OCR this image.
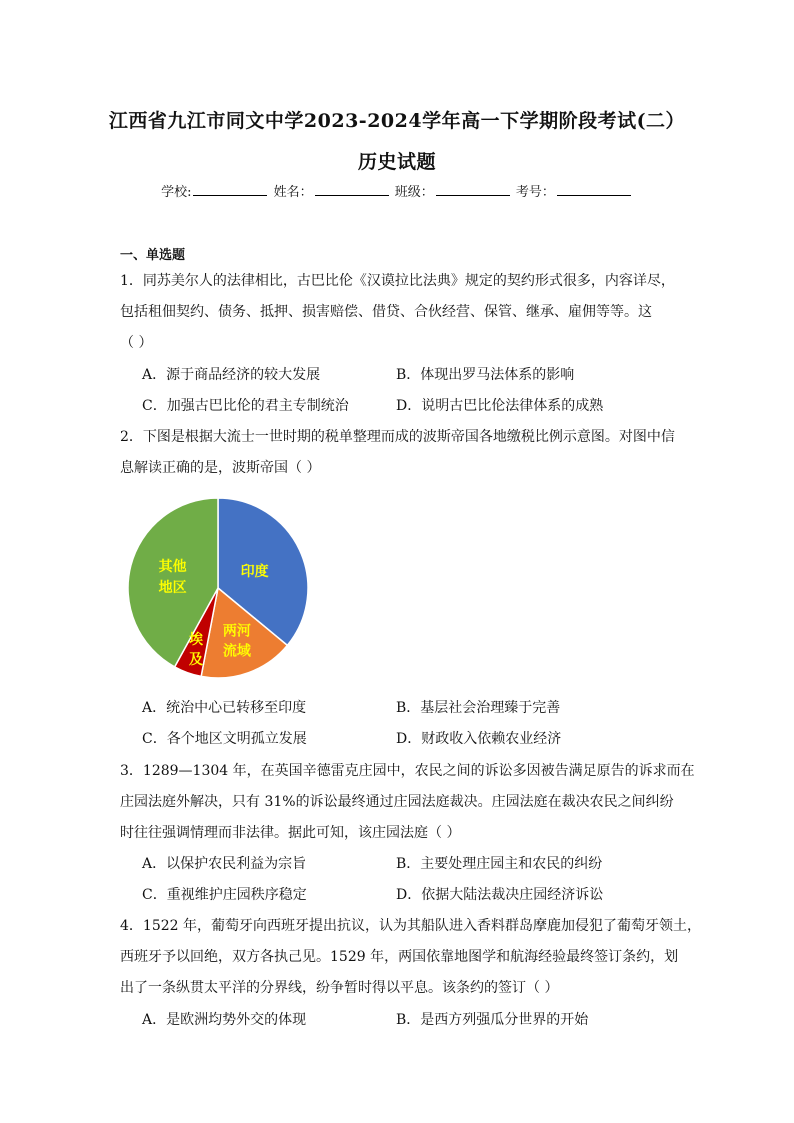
江西省九江市同文中学2023-2024学年高一下学期阶段考试(二）
历史试题
学校:	姓名：	班级：	考号：
一、单选题
1．同苏美尔人的法律相比，古巴比伦《汉谟拉比法典》规定的契约形式很多，内容详尽，
包括租佃契约、债务、抵押、损害赔偿、借贷、合伙经营、保管、继承、雇佣等等。这
（ ）
A．源于商品经济的较大发展	B．体现出罗马法体系的影响
C．加强古巴比伦的君主专制统治	D．说明古巴比伦法律体系的成熟
2．下图是根据大流士一世时期的税单整理而成的波斯帝国各地缴税比例示意图。对图中信
息解读正确的是，波斯帝国（ ）
印度
两河
流域
埃
及
其他
地区
A．统治中心已转移至印度	B．基层社会治理臻于完善
C．各个地区文明孤立发展	D．财政收入依赖农业经济
3．1289—1304 年，在英国辛德雷克庄园中，农民之间的诉讼多因被告满足原告的诉求而在
庄园法庭外解决，只有 31%的诉讼最终通过庄园法庭裁决。庄园法庭在裁决农民之间纠纷
时往往强调情理而非法律。据此可知，该庄园法庭（ ）
A．以保护农民利益为宗旨	B．主要处理庄园主和农民的纠纷
C．重视维护庄园秩序稳定	D．依据大陆法裁决庄园经济诉讼
4．1522 年，葡萄牙向西班牙提出抗议，认为其船队进入香料群岛摩鹿加侵犯了葡萄牙领土，
西班牙予以回绝，双方各执己见。1529 年，两国依靠地图学和航海经验最终签订条约，划
出了一条纵贯太平洋的分界线，纷争暂时得以平息。该条约的签订（ ）
A．是欧洲均势外交的体现	B．是西方列强瓜分世界的开始
